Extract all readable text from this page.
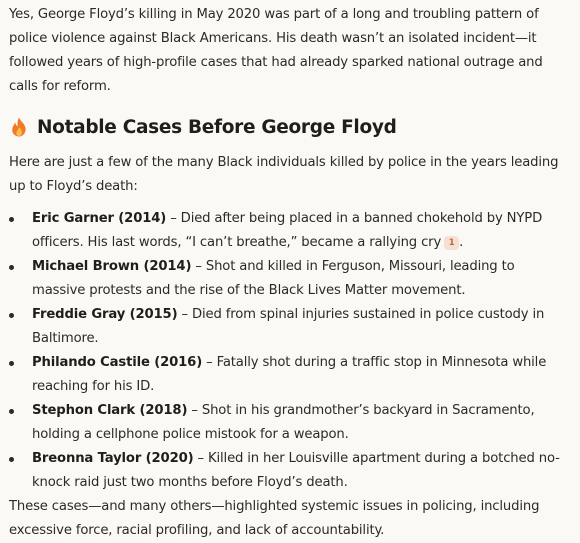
Yes, George Floyd’s killing in May 2020 was part of a long and troubling pattern of police violence against Black Americans. His death wasn’t an isolated incident—it followed years of high-profile cases that had already sparked national outrage and calls for reform.

Notable Cases Before George Floyd

Here are just a few of the many Black individuals killed by police in the years leading up to Floyd’s death:

Eric Garner (2014) – Died after being placed in a banned chokehold by NYPD officers. His last words, “I can’t breathe,” became a rallying cry 1 .
Michael Brown (2014) – Shot and killed in Ferguson, Missouri, leading to massive protests and the rise of the Black Lives Matter movement.
Freddie Gray (2015) – Died from spinal injuries sustained in police custody in Baltimore.
Philando Castile (2016) – Fatally shot during a traffic stop in Minnesota while reaching for his ID.
Stephon Clark (2018) – Shot in his grandmother’s backyard in Sacramento, holding a cellphone police mistook for a weapon.
Breonna Taylor (2020) – Killed in her Louisville apartment during a botched no-knock raid just two months before Floyd’s death.

These cases—and many others—highlighted systemic issues in policing, including excessive force, racial profiling, and lack of accountability.
